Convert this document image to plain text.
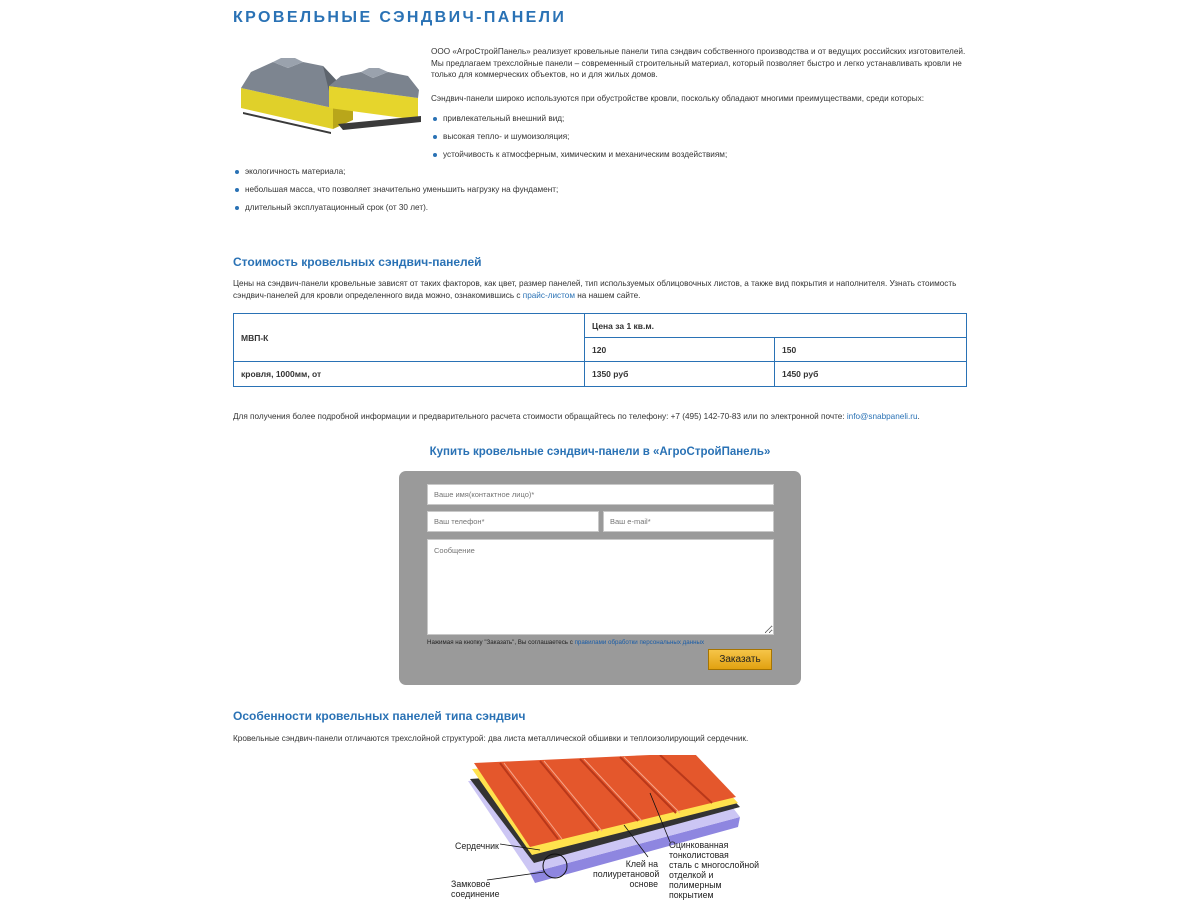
КРОВЕЛЬНЫЕ СЭНДВИЧ-ПАНЕЛИ

ООО «АгроСтройПанель» реализует кровельные панели типа сэндвич собственного производства и от ведущих российских изготовителей. Мы предлагаем трехслойные панели – современный строительный материал, который позволяет быстро и легко устанавливать кровли не только для коммерческих объектов, но и для жилых домов.

Сэндвич-панели широко используются при обустройстве кровли, поскольку обладают многими преимуществами, среди которых:

привлекательный внешний вид;
высокая тепло- и шумоизоляция;
устойчивость к атмосферным, химическим и механическим воздействиям;
экологичность материала;
небольшая масса, что позволяет значительно уменьшить нагрузку на фундамент;
длительный эксплуатационный срок (от 30 лет).
Стоимость кровельных сэндвич-панелей
Цены на сэндвич-панели кровельные зависят от таких факторов, как цвет, размер панелей, тип используемых облицовочных листов, а также вид покрытия и наполнителя. Узнать стоимость сэндвич-панелей для кровли определенного вида можно, ознакомившись с прайс-листом на нашем сайте.
МВП-К	Цена за 1 кв.м.	
	120	150
кровля, 1000мм, от	1350 руб	1450 руб
Для получения более подробной информации и предварительного расчета стоимости обращайтесь по телефону: +7 (495) 142-70-83 или по электронной почте: info@snabpaneli.ru.
Купить кровельные сэндвич-панели в «АгроСтройПанель»
Ваше имя(контактное лицо)*
Ваш телефон*
Ваш e-mail*
Сообщение
Нажимая на кнопку "Заказать", Вы соглашаетесь с правилами обработки персональных данных
Заказать
Особенности кровельных панелей типа сэндвич
Кровельные сэндвич-панели отличаются трехслойной структурой: два листа металлической обшивки и теплоизолирующий сердечник.
Сердечник
Замковое
соединение
Клей на
полиуретановой
основе
Оцинкованная
тонколистовая
сталь с многослойной
отделкой и
полимерным
покрытием
